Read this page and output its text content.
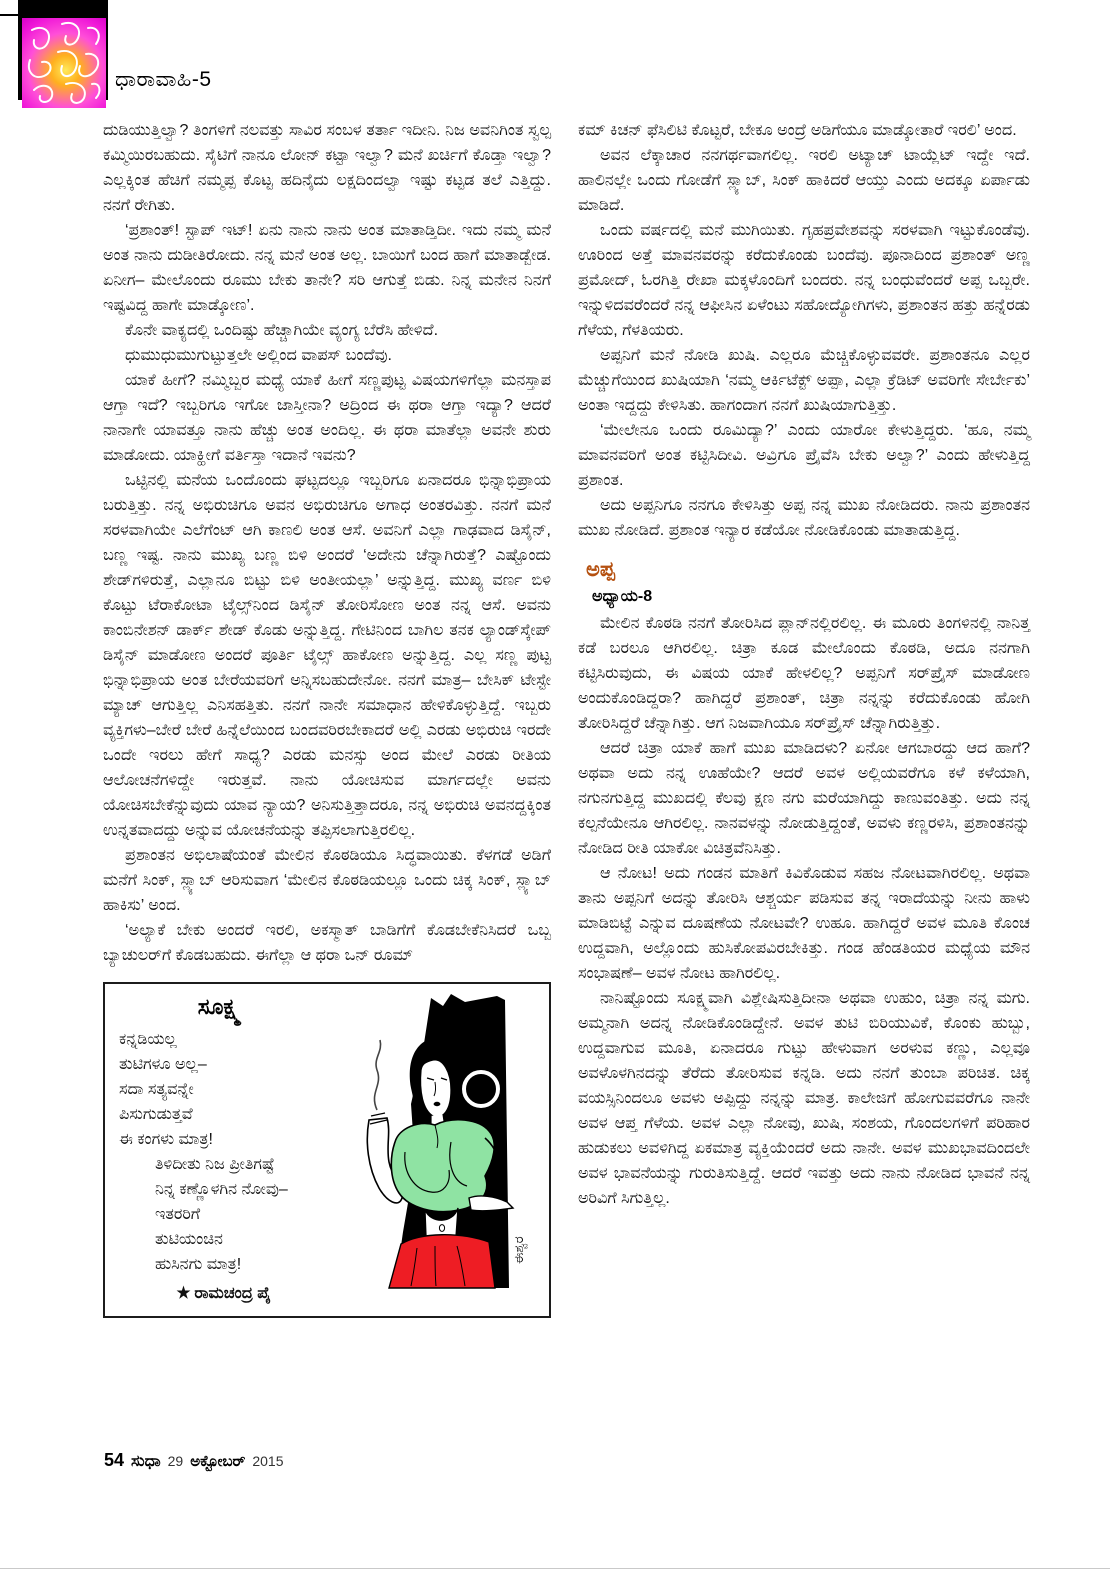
ಧಾರಾವಾಹಿ-5

ದುಡಿಯುತ್ತಿಲ್ವಾ? ತಿಂಗಳಿಗೆ ನಲವತ್ತು ಸಾವಿರ ಸಂಬಳ ತರ್ತಾ ಇದೀನಿ. ನಿಜ ಅವನಿಗಿಂತ ಸ್ವಲ್ಪ ಕಮ್ಮಿಯಿರಬಹುದು. ಸೈಟಿಗೆ ನಾನೂ ಲೋನ್ ಕಟ್ಟಾ ಇಲ್ವಾ? ಮನೆ ಖರ್ಚಿಗೆ ಕೊಡ್ತಾ ಇಲ್ವಾ? ಎಲ್ಲಕ್ಕಿಂತ ಹೆಚಿಗೆ ನಮ್ಮಪ್ಪ ಕೊಟ್ಟ ಹದಿನೈದು ಲಕ್ಷದಿಂದಲ್ವಾ ಇಷ್ಟು ಕಟ್ಟಡ ತಲೆ ಎತ್ತಿದ್ದು. ನನಗೆ ರೇಗಿತು.

‘ಪ್ರಶಾಂತ್! ಸ್ಟಾಪ್ ಇಟ್! ಏನು ನಾನು ನಾನು ಅಂತ ಮಾತಾಡ್ತಿದೀ. ಇದು ನಮ್ಮ ಮನೆ ಅಂತ ನಾನು ದುಡೀತಿರೋದು. ನನ್ನ ಮನೆ ಅಂತ ಅಲ್ಲ. ಬಾಯಿಗೆ ಬಂದ ಹಾಗೆ ಮಾತಾಡ್ಬೇಡ. ಏನೀಗ– ಮೇಲೊಂದು ರೂಮು ಬೇಕು ತಾನೇ? ಸರಿ ಆಗುತ್ತೆ ಬಿಡು. ನಿನ್ನ ಮನೇನ ನಿನಗೆ ಇಷ್ಟವಿದ್ದ ಹಾಗೇ ಮಾಡ್ಕೋಣ’.

ಕೊನೇ ವಾಕ್ಯದಲ್ಲಿ ಒಂದಿಷ್ಟು ಹೆಚ್ಚಾಗಿಯೇ ವ್ಯಂಗ್ಯ ಬೆರೆಸಿ ಹೇಳಿದೆ.

ಧುಮುಧುಮುಗುಟ್ಟುತ್ತಲೇ ಅಲ್ಲಿಂದ ವಾಪಸ್ ಬಂದೆವು.

ಯಾಕೆ ಹೀಗೆ? ನಮ್ಮಿಬ್ಬರ ಮಧ್ಯೆ ಯಾಕೆ ಹೀಗೆ ಸಣ್ಣಪುಟ್ಟ ವಿಷಯಗಳಿಗೆಲ್ಲಾ ಮನಸ್ತಾಪ ಆಗ್ತಾ ಇದೆ? ಇಬ್ಬರಿಗೂ ಇಗೋ ಜಾಸ್ತೀನಾ? ಅದ್ರಿಂದ ಈ ಥರಾ ಆಗ್ತಾ ಇದ್ಯಾ? ಆದರೆ ನಾನಾಗೇ ಯಾವತ್ತೂ ನಾನು ಹೆಚ್ಚು ಅಂತ ಅಂದಿಲ್ಲ. ಈ ಥರಾ ಮಾತೆಲ್ಲಾ ಅವನೇ ಶುರು ಮಾಡೋದು. ಯಾಕ್ಹೀಗೆ ವರ್ತಿಸ್ತಾ ಇದಾನೆ ಇವನು?

ಒಟ್ಟಿನಲ್ಲಿ ಮನೆಯ ಒಂದೊಂದು ಘಟ್ಟದಲ್ಲೂ ಇಬ್ಬರಿಗೂ ಏನಾದರೂ ಭಿನ್ನಾಭಿಪ್ರಾಯ ಬರುತ್ತಿತ್ತು. ನನ್ನ ಅಭಿರುಚಿಗೂ ಅವನ ಅಭಿರುಚಿಗೂ ಅಗಾಧ ಅಂತರವಿತ್ತು. ನನಗೆ ಮನೆ ಸರಳವಾಗಿಯೇ ಎಲೆಗೆಂಟ್ ಆಗಿ ಕಾಣಲಿ ಅಂತ ಆಸೆ. ಅವನಿಗೆ ಎಲ್ಲಾ ಗಾಢವಾದ ಡಿಸೈನ್, ಬಣ್ಣ ಇಷ್ಟ. ನಾನು ಮುಖ್ಯ ಬಣ್ಣ ಬಿಳಿ ಅಂದರೆ ‘ಅದೇನು ಚೆನ್ನಾಗಿರುತ್ತೆ? ಎಷ್ಟೊಂದು ಶೇಡ್‌ಗಳಿರುತ್ತೆ, ಎಲ್ಲಾನೂ ಬಿಟ್ಟು ಬಿಳಿ ಅಂತೀಯಲ್ಲಾ’ ಅನ್ನುತ್ತಿದ್ದ. ಮುಖ್ಯ ವರ್ಣ ಬಿಳಿ ಕೊಟ್ಟು ಟೆರಾಕೋಟಾ ಟೈಲ್ಸ್‌ನಿಂದ ಡಿಸೈನ್ ತೋರಿಸೋಣ ಅಂತ ನನ್ನ ಆಸೆ. ಅವನು ಕಾಂಬಿನೇಶನ್ ಡಾರ್ಕ್ ಶೇಡ್ ಕೊಡು ಅನ್ನುತ್ತಿದ್ದ. ಗೇಟಿನಿಂದ ಬಾಗಿಲ ತನಕ ಲ್ಯಾಂಡ್‌ಸ್ಕೇಪ್ ಡಿಸೈನ್ ಮಾಡೋಣ ಅಂದರೆ ಪೂರ್ತಿ ಟೈಲ್ಸ್ ಹಾಕೋಣ ಅನ್ನುತ್ತಿದ್ದ. ಎಲ್ಲ ಸಣ್ಣ ಪುಟ್ಟ ಭಿನ್ನಾಭಿಪ್ರಾಯ ಅಂತ ಬೇರೆಯವರಿಗೆ ಅನ್ನಿಸಬಹುದೇನೋ. ನನಗೆ ಮಾತ್ರ– ಬೇಸಿಕ್ ಟೇಸ್ಟೇ ಮ್ಯಾಚ್ ಆಗುತ್ತಿಲ್ಲ ಎನಿಸಹತ್ತಿತು. ನನಗೆ ನಾನೇ ಸಮಾಧಾನ ಹೇಳಿಕೊಳ್ಳುತ್ತಿದ್ದೆ. ಇಬ್ಬರು ವ್ಯಕ್ತಿಗಳು–ಬೇರೆ ಬೇರೆ ಹಿನ್ನೆಲೆಯಿಂದ ಬಂದವರಿರಬೇಕಾದರೆ ಅಲ್ಲಿ ಎರಡು ಅಭಿರುಚಿ ಇರದೇ ಒಂದೇ ಇರಲು ಹೇಗೆ ಸಾಧ್ಯ? ಎರಡು ಮನಸ್ಸು ಅಂದ ಮೇಲೆ ಎರಡು ರೀತಿಯ ಆಲೋಚನೆಗಳಿದ್ದೇ ಇರುತ್ತವೆ. ನಾನು ಯೋಚಿಸುವ ಮಾರ್ಗದಲ್ಲೇ ಅವನು ಯೋಚಿಸಬೇಕೆನ್ನುವುದು ಯಾವ ನ್ಯಾಯ? ಅನಿಸುತ್ತಿತ್ತಾದರೂ, ನನ್ನ ಅಭಿರುಚಿ ಅವನದ್ದಕ್ಕಿಂತ ಉನ್ನತವಾದದ್ದು ಅನ್ನುವ ಯೋಚನೆಯನ್ನು ತಪ್ಪಿಸಲಾಗುತ್ತಿರಲಿಲ್ಲ.

ಪ್ರಶಾಂತನ ಅಭಿಲಾಷೆಯಂತೆ ಮೇಲಿನ ಕೊಠಡಿಯೂ ಸಿದ್ಧವಾಯಿತು. ಕೆಳಗಡೆ ಅಡಿಗೆ ಮನೆಗೆ ಸಿಂಕ್, ಸ್ಲ್ಯಾಬ್ ಆರಿಸುವಾಗ ‘ಮೇಲಿನ ಕೊಠಡಿಯಲ್ಲೂ ಒಂದು ಚಿಕ್ಕ ಸಿಂಕ್, ಸ್ಲ್ಯಾಬ್ ಹಾಕಿಸು’ ಅಂದ.

‘ಅಲ್ಯಾಕೆ ಬೇಕು ಅಂದರೆ ಇರಲಿ, ಅಕಸ್ಮಾತ್ ಬಾಡಿಗೆಗೆ ಕೊಡಬೇಕೆನಿಸಿದರೆ ಒಬ್ಬ ಬ್ಯಾಚುಲರ್‌ಗೆ ಕೊಡಬಹುದು. ಈಗೆಲ್ಲಾ ಆ ಥರಾ ಒನ್ ರೂಮ್

ಸೂಕ್ಷ್ಮ

ಕನ್ನಡಿಯಲ್ಲ

ತುಟಿಗಳೂ ಅಲ್ಲ–

ಸದಾ ಸತ್ಯವನ್ನೇ

ಪಿಸುಗುಡುತ್ತವೆ

ಈ ಕಂಗಳು ಮಾತ್ರ!

ತಿಳಿದೀತು ನಿಜ ಪ್ರೀತಿಗಷ್ಟೆ

ನಿನ್ನ ಕಣ್ಣೊಳಗಿನ ನೋವು–

ಇತರರಿಗೆ

ತುಟಿಯಂಚಿನ

ಹುಸಿನಗು ಮಾತ್ರ!

★ ರಾಮಚಂದ್ರ ಪೈ
ಈಶ್ವರ

ಕಮ್ ಕಿಚನ್ ಫೆಸಿಲಿಟಿ ಕೊಟ್ಟರೆ, ಬೇಕೂ ಅಂದ್ರೆ ಅಡಿಗೆಯೂ ಮಾಡ್ಕೋತಾರೆ ಇರಲಿ’ ಅಂದ.

ಅವನ ಲೆಕ್ಕಾಚಾರ ನನಗರ್ಥವಾಗಲಿಲ್ಲ. ಇರಲಿ ಅಟ್ಯಾಚ್ ಟಾಯ್ಲೆಟ್ ಇದ್ದೇ ಇದೆ. ಹಾಲಿನಲ್ಲೇ ಒಂದು ಗೋಡೆಗೆ ಸ್ಲ್ಯಾಬ್, ಸಿಂಕ್ ಹಾಕಿದರೆ ಆಯ್ತು ಎಂದು ಅದಕ್ಕೂ ಏರ್ಪಾಡು ಮಾಡಿದೆ.

ಒಂದು ವರ್ಷದಲ್ಲಿ ಮನೆ ಮುಗಿಯಿತು. ಗೃಹಪ್ರವೇಶವನ್ನು ಸರಳವಾಗಿ ಇಟ್ಟುಕೊಂಡೆವು. ಊರಿಂದ ಅತ್ತೆ ಮಾವನವರನ್ನು ಕರೆದುಕೊಂಡು ಬಂದೆವು. ಪೂನಾದಿಂದ ಪ್ರಶಾಂತ್ ಅಣ್ಣ ಪ್ರಮೋದ್, ಓರಗಿತ್ತಿ ರೇಖಾ ಮಕ್ಕಳೊಂದಿಗೆ ಬಂದರು. ನನ್ನ ಬಂಧುವೆಂದರೆ ಅಪ್ಪ ಒಬ್ಬರೇ. ಇನ್ನುಳಿದವರೆಂದರೆ ನನ್ನ ಆಫೀಸಿನ ಏಳೆಂಟು ಸಹೋದ್ಯೋಗಿಗಳು, ಪ್ರಶಾಂತನ ಹತ್ತು ಹನ್ನೆರಡು ಗೆಳೆಯ, ಗೆಳತಿಯರು.

ಅಪ್ಪನಿಗೆ ಮನೆ ನೋಡಿ ಖುಷಿ. ಎಲ್ಲರೂ ಮೆಚ್ಚಿಕೊಳ್ಳುವವರೇ. ಪ್ರಶಾಂತನೂ ಎಲ್ಲರ ಮೆಚ್ಚುಗೆಯಿಂದ ಖುಷಿಯಾಗಿ ‘ನಮ್ಮ ಆರ್ಕಿಟೆಕ್ಟ್ ಅಪ್ಪಾ, ಎಲ್ಲಾ ಕ್ರೆಡಿಟ್ ಅವರಿಗೇ ಸೇರ್ಬೇಕು’ ಅಂತಾ ಇದ್ದದ್ದು ಕೇಳಿಸಿತು. ಹಾಗಂದಾಗ ನನಗೆ ಖುಷಿಯಾಗುತ್ತಿತ್ತು.

‘ಮೇಲೇನೂ ಒಂದು ರೂಮಿದ್ಯಾ?’ ಎಂದು ಯಾರೋ ಕೇಳುತ್ತಿದ್ದರು. ‘ಹೂ, ನಮ್ಮ ಮಾವನವರಿಗೆ ಅಂತ ಕಟ್ಟಿಸಿದೀವಿ. ಅವ್ರಿಗೂ ಪ್ರೈವೆಸಿ ಬೇಕು ಅಲ್ವಾ?’ ಎಂದು ಹೇಳುತ್ತಿದ್ದ ಪ್ರಶಾಂತ.

ಅದು ಅಪ್ಪನಿಗೂ ನನಗೂ ಕೇಳಿಸಿತ್ತು ಅಪ್ಪ ನನ್ನ ಮುಖ ನೋಡಿದರು. ನಾನು ಪ್ರಶಾಂತನ ಮುಖ ನೋಡಿದೆ. ಪ್ರಶಾಂತ ಇನ್ಯಾರ ಕಡೆಯೋ ನೋಡಿಕೊಂಡು ಮಾತಾಡುತ್ತಿದ್ದ.

ಅಪ್ಪ
ಅಧ್ಯಾಯ-8

ಮೇಲಿನ ಕೊಠಡಿ ನನಗೆ ತೋರಿಸಿದ ಪ್ಲಾನ್‌ನಲ್ಲಿರಲಿಲ್ಲ. ಈ ಮೂರು ತಿಂಗಳಿನಲ್ಲಿ ನಾನಿತ್ತ ಕಡೆ ಬರಲೂ ಆಗಿರಲಿಲ್ಲ. ಚಿತ್ರಾ ಕೂಡ ಮೇಲೊಂದು ಕೊಠಡಿ, ಅದೂ ನನಗಾಗಿ ಕಟ್ಟಿಸಿರುವುದು, ಈ ವಿಷಯ ಯಾಕೆ ಹೇಳಲಿಲ್ಲ? ಅಪ್ಪನಿಗೆ ಸರ್‌ಪ್ರೈಸ್ ಮಾಡೋಣ ಅಂದುಕೊಂಡಿದ್ದರಾ? ಹಾಗಿದ್ದರೆ ಪ್ರಶಾಂತ್, ಚಿತ್ರಾ ನನ್ನನ್ನು ಕರೆದುಕೊಂಡು ಹೋಗಿ ತೋರಿಸಿದ್ದರೆ ಚೆನ್ನಾಗಿತ್ತು. ಆಗ ನಿಜವಾಗಿಯೂ ಸರ್‌ಪ್ರೈಸ್ ಚೆನ್ನಾಗಿರುತ್ತಿತ್ತು.

ಆದರೆ ಚಿತ್ರಾ ಯಾಕೆ ಹಾಗೆ ಮುಖ ಮಾಡಿದಳು? ಏನೋ ಆಗಬಾರದ್ದು ಆದ ಹಾಗೆ? ಅಥವಾ ಅದು ನನ್ನ ಊಹೆಯೇ? ಆದರೆ ಅವಳ ಅಲ್ಲಿಯವರೆಗೂ ಕಳೆ ಕಳೆಯಾಗಿ, ನಗುನಗುತ್ತಿದ್ದ ಮುಖದಲ್ಲಿ ಕೆಲವು ಕ್ಷಣ ನಗು ಮರೆಯಾಗಿದ್ದು ಕಾಣುವಂತಿತ್ತು. ಅದು ನನ್ನ ಕಲ್ಪನೆಯೇನೂ ಆಗಿರಲಿಲ್ಲ. ನಾನವಳನ್ನು ನೋಡುತ್ತಿದ್ದಂತೆ, ಅವಳು ಕಣ್ಣರಳಿಸಿ, ಪ್ರಶಾಂತನನ್ನು ನೋಡಿದ ರೀತಿ ಯಾಕೋ ವಿಚಿತ್ರವೆನಿಸಿತ್ತು.

ಆ ನೋಟ! ಅದು ಗಂಡನ ಮಾತಿಗೆ ಕಿವಿಕೊಡುವ ಸಹಜ ನೋಟವಾಗಿರಲಿಲ್ಲ. ಅಥವಾ ತಾನು ಅಪ್ಪನಿಗೆ ಅದನ್ನು ತೋರಿಸಿ ಆಶ್ಚರ್ಯ ಪಡಿಸುವ ತನ್ನ ಇರಾದೆಯನ್ನು ನೀನು ಹಾಳು ಮಾಡಿಬಿಟ್ಟೆ ಎನ್ನುವ ದೂಷಣೆಯ ನೋಟವೇ? ಉಹೂ. ಹಾಗಿದ್ದರೆ ಅವಳ ಮೂತಿ ಕೊಂಚ ಉದ್ದವಾಗಿ, ಅಲ್ಲೊಂದು ಹುಸಿಕೋಪವಿರಬೇಕಿತ್ತು. ಗಂಡ ಹೆಂಡತಿಯರ ಮಧ್ಯೆಯ ಮೌನ ಸಂಭಾಷಣೆ– ಅವಳ ನೋಟ ಹಾಗಿರಲಿಲ್ಲ.

ನಾನಿಷ್ಟೊಂದು ಸೂಕ್ಷ್ಮವಾಗಿ ವಿಶ್ಲೇಷಿಸುತ್ತಿದೀನಾ ಅಥವಾ ಉಹುಂ, ಚಿತ್ರಾ ನನ್ನ ಮಗು. ಅಮ್ಮನಾಗಿ ಅದನ್ನ ನೋಡಿಕೊಂಡಿದ್ದೇನೆ. ಅವಳ ತುಟಿ ಬಿರಿಯುವಿಕೆ, ಕೊಂಕು ಹುಬ್ಬು, ಉದ್ದವಾಗುವ ಮೂತಿ, ಏನಾದರೂ ಗುಟ್ಟು ಹೇಳುವಾಗ ಅರಳುವ ಕಣ್ಣು, ಎಲ್ಲವೂ ಅವಳೊಳಗಿನದನ್ನು ತೆರೆದು ತೋರಿಸುವ ಕನ್ನಡಿ. ಅದು ನನಗೆ ತುಂಬಾ ಪರಿಚಿತ. ಚಿಕ್ಕ ವಯಸ್ಸಿನಿಂದಲೂ ಅವಳು ಅಪ್ಪಿದ್ದು ನನ್ನನ್ನು ಮಾತ್ರ. ಕಾಲೇಜಿಗೆ ಹೋಗುವವರೆಗೂ ನಾನೇ ಅವಳ ಆಪ್ತ ಗೆಳೆಯ. ಅವಳ ಎಲ್ಲಾ ನೋವು, ಖುಷಿ, ಸಂಶಯ, ಗೊಂದಲಗಳಿಗೆ ಪರಿಹಾರ ಹುಡುಕಲು ಅವಳಿಗಿದ್ದ ಏಕಮಾತ್ರ ವ್ಯಕ್ತಿಯೆಂದರೆ ಅದು ನಾನೇ. ಅವಳ ಮುಖಭಾವದಿಂದಲೇ ಅವಳ ಭಾವನೆಯನ್ನು ಗುರುತಿಸುತ್ತಿದ್ದೆ. ಆದರೆ ಇವತ್ತು ಅದು ನಾನು ನೋಡಿದ ಭಾವನೆ ನನ್ನ ಅರಿವಿಗೆ ಸಿಗುತ್ತಿಲ್ಲ.

54 ಸುಧಾ 29 ಅಕ್ಟೋಬರ್ 2015
